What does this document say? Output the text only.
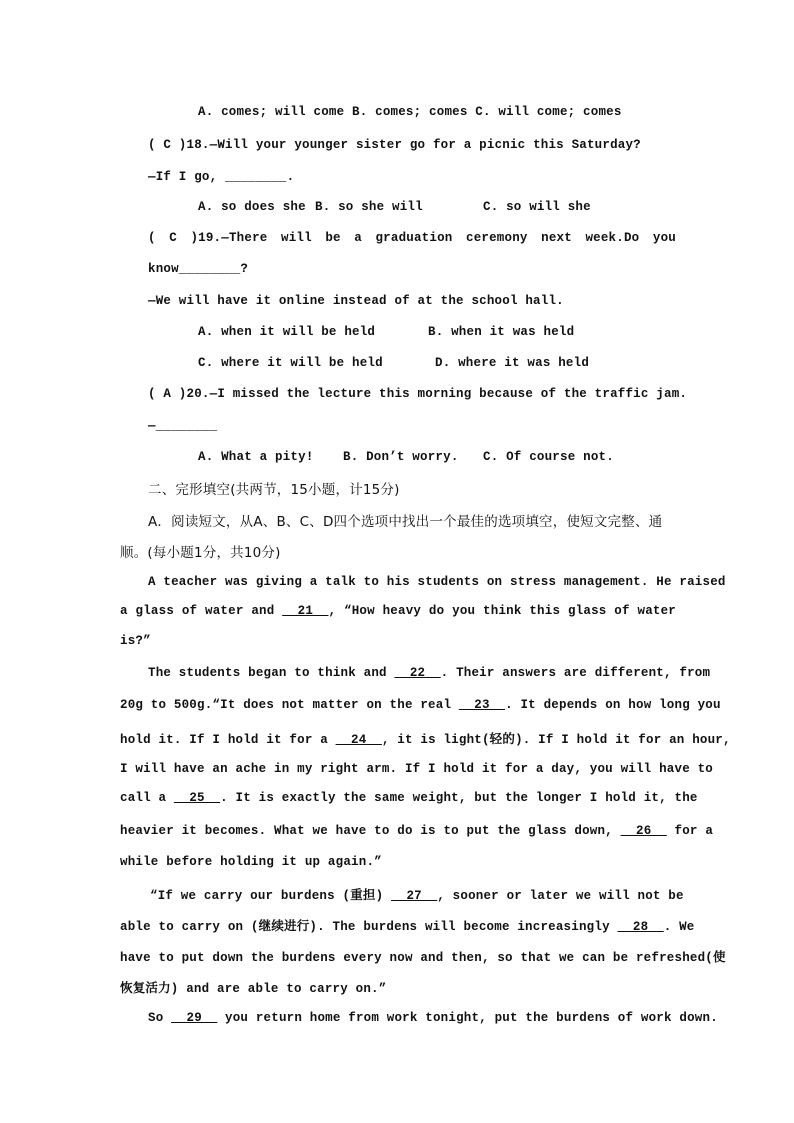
A. comes; will come B. comes; comes C. will come; comes
( C )18.—Will your younger sister go for a picnic this Saturday?
—If I go, ________.
A. so does she B. so she will	C. so will she
( C )19.—There will be a graduation ceremony next week.Do you
know________?
—We will have it online instead of at the school hall.
A. when it will be held	B. when it was held
C. where it will be held	D. where it was held
( A )20.—I missed the lecture this morning because of the traffic jam.
—________
A. What a pity! B. Don’t worry. C. Of course not.
二、完形填空(共两节，15小题，计15分)
A．阅读短文，从A、B、C、D四个选项中找出一个最佳的选项填空，使短文完整、通
顺。(每小题1分，共10分)
A teacher was giving a talk to his students on stress management. He raised
a glass of water and __21__, “How heavy do you think this glass of water
is?”
The students began to think and __22__. Their answers are different, from
20g to 500g.“It does not matter on the real __23__. It depends on how long you
hold it. If I hold it for a __24__, it is light(轻的). If I hold it for an hour,
I will have an ache in my right arm. If I hold it for a day, you will have to
call a __25__. It is exactly the same weight, but the longer I hold it, the
heavier it becomes. What we have to do is to put the glass down, __26__ for a
while before holding it up again.”
“If we carry our burdens (重担) __27__, sooner or later we will not be
able to carry on (继续进行). The burdens will become increasingly __28__. We
have to put down the burdens every now and then, so that we can be refreshed(使
恢复活力) and are able to carry on.”
So __29__ you return home from work tonight, put the burdens of work down.
